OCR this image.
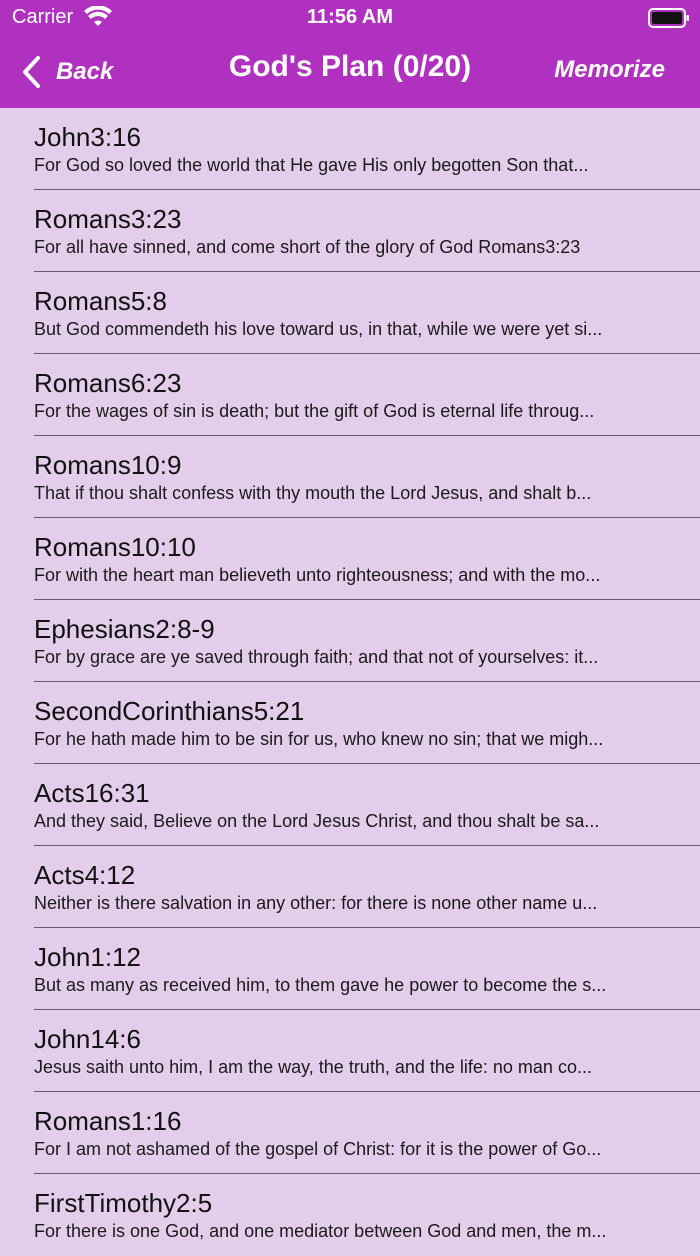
Carrier	11:56 AM
Back	God's Plan (0/20)	Memorize
John3:16
For God so loved the world that He gave His only begotten Son that...
Romans3:23
For all have sinned, and come short of the glory of God Romans3:23
Romans5:8
But God commendeth his love toward us, in that, while we were yet si...
Romans6:23
For the wages of sin is death; but the gift of God is eternal life throug...
Romans10:9
That if thou shalt confess with thy mouth the Lord Jesus, and shalt b...
Romans10:10
For with the heart man believeth unto righteousness; and with the mo...
Ephesians2:8-9
For by grace are ye saved through faith; and that not of yourselves: it...
SecondCorinthians5:21
For he hath made him to be sin for us, who knew no sin; that we migh...
Acts16:31
And they said, Believe on the Lord Jesus Christ, and thou shalt be sa...
Acts4:12
Neither is there salvation in any other: for there is none other name u...
John1:12
But as many as received him, to them gave he power to become the s...
John14:6
Jesus saith unto him, I am the way, the truth, and the life: no man co...
Romans1:16
For I am not ashamed of the gospel of Christ: for it is the power of Go...
FirstTimothy2:5
For there is one God, and one mediator between God and men, the m...
